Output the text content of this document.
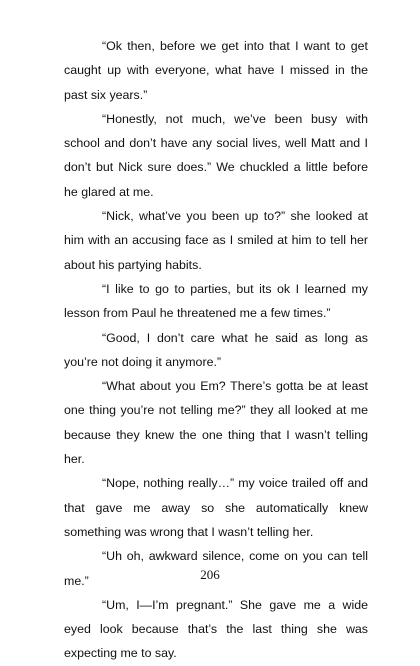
“Ok then, before we get into that I want to get caught up with everyone, what have I missed in the past six years.”

“Honestly, not much, we’ve been busy with school and don’t have any social lives, well Matt and I don’t but Nick sure does.” We chuckled a little before he glared at me.

“Nick, what’ve you been up to?” she looked at him with an accusing face as I smiled at him to tell her about his partying habits.

“I like to go to parties, but its ok I learned my lesson from Paul he threatened me a few times.”

“Good, I don’t care what he said as long as you’re not doing it anymore.”

“What about you Em? There’s gotta be at least one thing you’re not telling me?” they all looked at me because they knew the one thing that I wasn’t telling her.

“Nope, nothing really…” my voice trailed off and that gave me away so she automatically knew something was wrong that I wasn’t telling her.

“Uh oh, awkward silence, come on you can tell me.”

“Um, I—I’m pregnant.” She gave me a wide eyed look because that’s the last thing she was expecting me to say.

206
